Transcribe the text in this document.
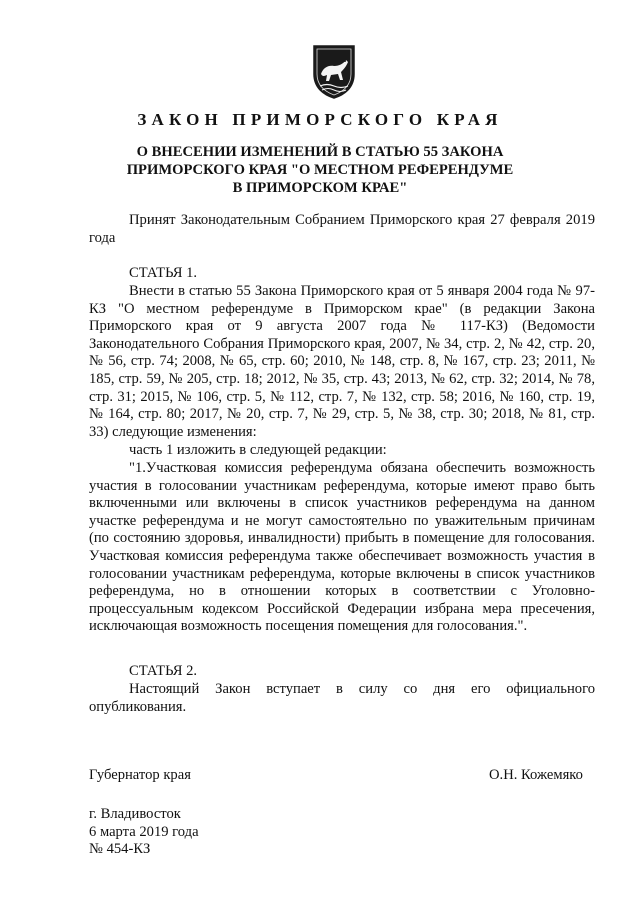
ЗАКОН ПРИМОРСКОГО КРАЯ
О ВНЕСЕНИИ ИЗМЕНЕНИЙ В СТАТЬЮ 55 ЗАКОНА
ПРИМОРСКОГО КРАЯ "О МЕСТНОМ РЕФЕРЕНДУМЕ
В ПРИМОРСКОМ КРАЕ"

Принят Законодательным Собранием Приморского края 27 февраля 2019 года

СТАТЬЯ 1.

Внести в статью 55 Закона Приморского края от 5 января 2004 года № 97-КЗ "О местном референдуме в Приморском крае" (в редакции Закона Приморского края от 9 августа 2007 года № 117-КЗ) (Ведомости Законодательного Собрания Приморского края, 2007, № 34, стр. 2, № 42, стр. 20, № 56, стр. 74; 2008, № 65, стр. 60; 2010, № 148, стр. 8, № 167, стр. 23; 2011, № 185, стр. 59, № 205, стр. 18; 2012, № 35, стр. 43; 2013, № 62, стр. 32; 2014, № 78, стр. 31; 2015, № 106, стр. 5, № 112, стр. 7, № 132, стр. 58; 2016, № 160, стр. 19, № 164, стр. 80; 2017, № 20, стр. 7, № 29, стр. 5, № 38, стр. 30; 2018, № 81, стр. 33) следующие изменения:

часть 1 изложить в следующей редакции:

"1.Участковая комиссия референдума обязана обеспечить возможность участия в голосовании участникам референдума, которые имеют право быть включенными или включены в список участников референдума на данном участке референдума и не могут самостоятельно по уважительным причинам (по состоянию здоровья, инвалидности) прибыть в помещение для голосования. Участковая комиссия референдума также обеспечивает возможность участия в голосовании участникам референдума, которые включены в список участников референдума, но в отношении которых в соответствии с Уголовно-процессуальным кодексом Российской Федерации избрана мера пресечения, исключающая возможность посещения помещения для голосования.".

СТАТЬЯ 2.

Настоящий Закон вступает в силу со дня его официального опубликования.

Губернатор края	О.Н. Кожемяко
г. Владивосток
6 марта 2019 года
№ 454-КЗ
